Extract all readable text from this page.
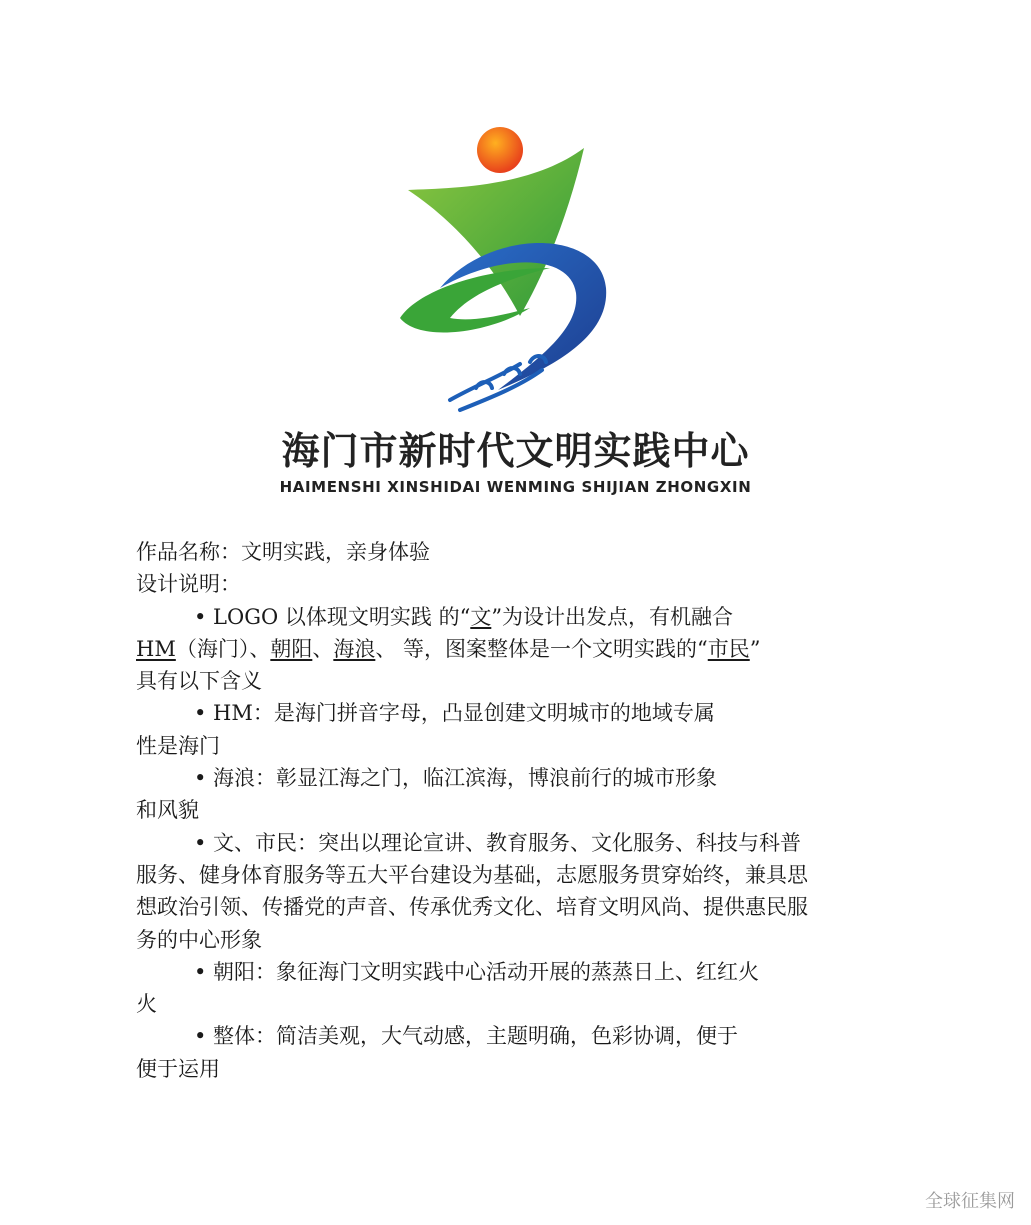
海门市新时代文明实践中心
HAIMENSHI XINSHIDAI WENMING SHIJIAN ZHONGXIN
作品名称：文明实践，亲身体验
设计说明：
• LOGO 以体现文明实践 的“文”为设计出发点，有机融合
HM（海门）、朝阳、海浪、 等，图案整体是一个文明实践的“市民”
具有以下含义
• HM：是海门拼音字母，凸显创建文明城市的地域专属
性是海门
• 海浪：彰显江海之门，临江滨海，博浪前行的城市形象
和风貌
• 文、市民：突出以理论宣讲、教育服务、文化服务、科技与科普
服务、健身体育服务等五大平台建设为基础，志愿服务贯穿始终，兼具思
想政治引领、传播党的声音、传承优秀文化、培育文明风尚、提供惠民服
务的中心形象
• 朝阳：象征海门文明实践中心活动开展的蒸蒸日上、红红火
火
• 整体：简洁美观，大气动感，主题明确，色彩协调，便于
便于运用
全球征集网
